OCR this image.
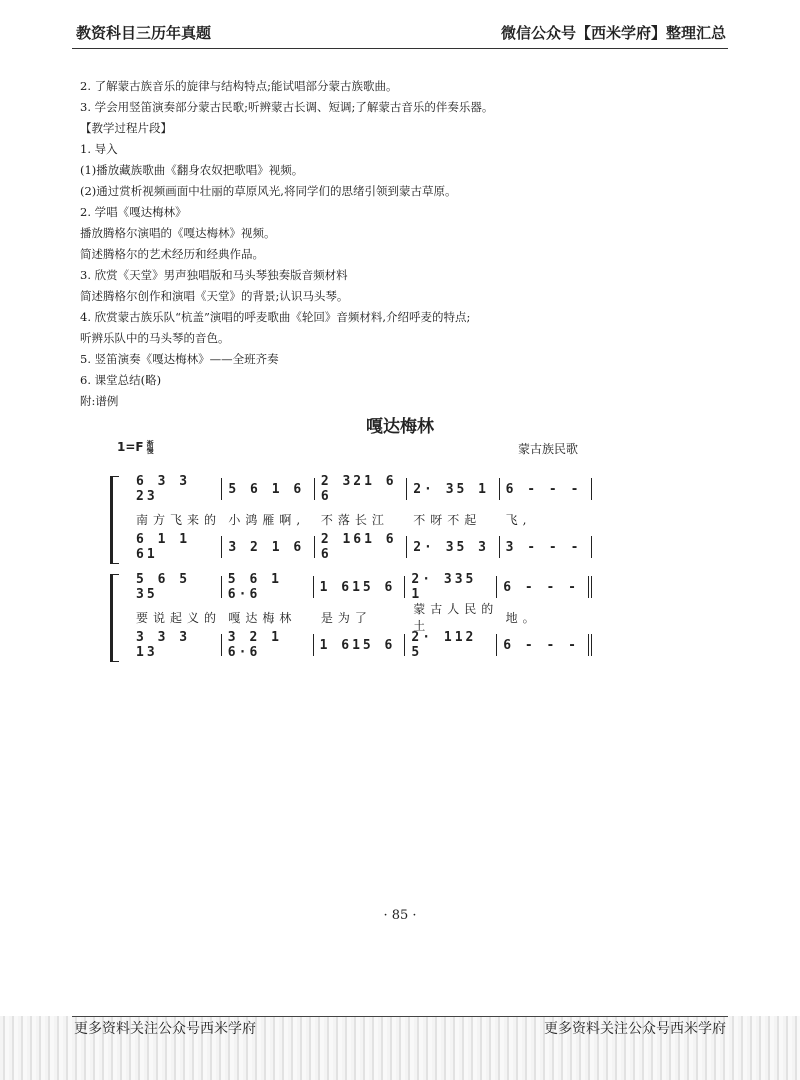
教资科目三历年真题	微信公众号【西米学府】整理汇总
2. 了解蒙古族音乐的旋律与结构特点;能试唱部分蒙古族歌曲。
3. 学会用竖笛演奏部分蒙古民歌;听辨蒙古长调、短调;了解蒙古音乐的伴奏乐器。
【教学过程片段】
1. 导入
(1)播放藏族歌曲《翻身农奴把歌唱》视频。
(2)通过赏析视频画面中壮丽的草原风光,将同学们的思绪引领到蒙古草原。
2. 学唱《嘎达梅林》
播放腾格尔演唱的《嘎达梅林》视频。
简述腾格尔的艺术经历和经典作品。
3. 欣赏《天堂》男声独唱版和马头琴独奏版音频材料
简述腾格尔创作和演唱《天堂》的背景;认识马头琴。
4. 欣赏蒙古族乐队“杭盖”演唱的呼麦歌曲《轮回》音频材料,介绍呼麦的特点;
听辨乐队中的马头琴的音色。
5. 竖笛演奏《嘎达梅林》——全班齐奏
6. 课堂总结(略)
附:谱例
嘎达梅林
1=F 渐慢	蒙古族民歌
6 3 3 23	5 6 1 6	2 321 6 6	2· 35 1	6 - - -
南方飞来的 小鸿雁啊,	不落长江	不呀不起	飞,
6 1 1 61	3 2 1 6	2 161 6 6	2· 35 3	3 - - -
5 6 5 35
5 6 1 6·6	1 615 6	2· 335 1	6 - - -
要说起义的 嘎达梅林	是为了
蒙古人民的土
地。
3 3 3 13
3 2 1 6·6	1 615 6	2· 112 5	6 - - -
· 85 ·
更多资料关注公众号西米学府	更多资料关注公众号西米学府
